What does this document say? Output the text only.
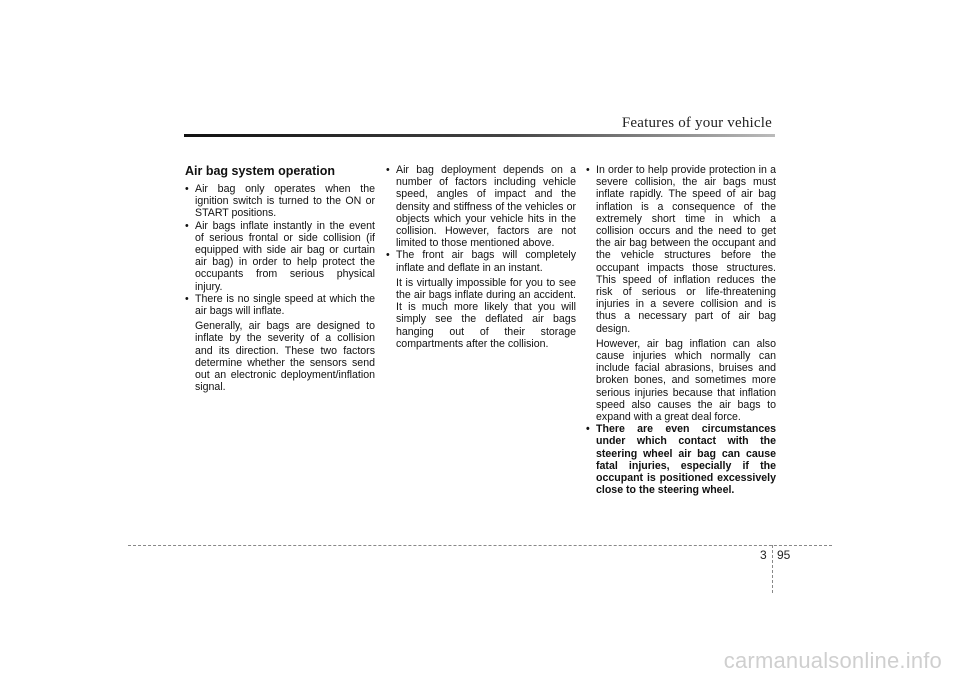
Features of your vehicle
Air bag system operation
• Air bag only operates when the ignition switch is turned to the ON or START positions.
• Air bags inflate instantly in the event of serious frontal or side collision (if equipped with side air bag or curtain air bag) in order to help protect the occupants from serious physical injury.
• There is no single speed at which the air bags will inflate.

Generally, air bags are designed to inflate by the severity of a collision and its direction. These two factors determine whether the sensors send out an electronic deployment/inflation signal.

• Air bag deployment depends on a number of factors including vehicle speed, angles of impact and the density and stiffness of the vehicles or objects which your vehicle hits in the collision. However, factors are not limited to those mentioned above.
• The front air bags will completely inflate and deflate in an instant.

It is virtually impossible for you to see the air bags inflate during an accident. It is much more likely that you will simply see the deflated air bags hanging out of their storage compartments after the collision.

• In order to help provide protection in a severe collision, the air bags must inflate rapidly. The speed of air bag inflation is a consequence of the extremely short time in which a collision occurs and the need to get the air bag between the occupant and the vehicle structures before the occupant impacts those structures. This speed of inflation reduces the risk of serious or life-threatening injuries in a severe collision and is thus a necessary part of air bag design.

However, air bag inflation can also cause injuries which normally can include facial abrasions, bruises and broken bones, and sometimes more serious injuries because that inflation speed also causes the air bags to expand with a great deal force.

• There are even circumstances under which contact with the steering wheel air bag can cause fatal injuries, especially if the occupant is positioned excessively close to the steering wheel.
3 95
carmanualsonline.info
